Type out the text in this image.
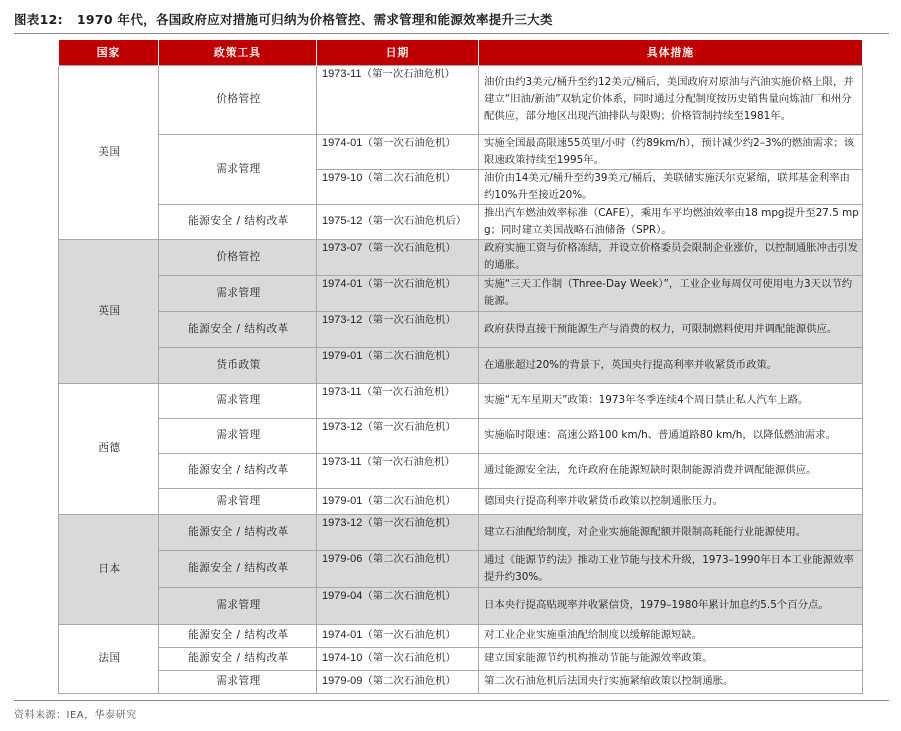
图表12: 1970 年代，各国政府应对措施可归纳为价格管控、需求管理和能源效率提升三大类
国家	政策工具	日期	具体措施
美国	价格管控	1973-11（第一次石油危机）	油价由约3美元/桶升至约12美元/桶后，美国政府对原油与汽油实施价格上限，并建立“旧油/新油”双轨定价体系，同时通过分配制度按历史销售量向炼油厂和州分配供应，部分地区出现汽油排队与限购；价格管制持续至1981年。
	需求管理	1974-01（第一次石油危机）	实施全国最高限速55英里/小时（约89km/h），预计减少约2–3%的燃油需求；该限速政策持续至1995年。
		1979-10（第二次石油危机）	油价由14美元/桶升至约39美元/桶后，美联储实施沃尔克紧缩，联邦基金利率由约10%升至接近20%。
	能源安全 / 结构改革	1975-12（第一次石油危机后）	推出汽车燃油效率标准（CAFE），乘用车平均燃油效率由18 mpg提升至27.5 mpg；同时建立美国战略石油储备（SPR）。
英国	价格管控	1973-07（第一次石油危机）	政府实施工资与价格冻结，并设立价格委员会限制企业涨价，以控制通胀冲击引发的通胀。
	需求管理	1974-01（第一次石油危机）	实施“三天工作制（Three-Day Week）”，工业企业每周仅可使用电力3天以节约能源。
	能源安全 / 结构改革	1973-12（第一次石油危机）	政府获得直接干预能源生产与消费的权力，可限制燃料使用并调配能源供应。
	货币政策	1979-01（第二次石油危机）	在通胀超过20%的背景下，英国央行提高利率并收紧货币政策。
西德	需求管理	1973-11（第一次石油危机）	实施“无车星期天”政策：1973年冬季连续4个周日禁止私人汽车上路。
	需求管理	1973-12（第一次石油危机）	实施临时限速：高速公路100 km/h、普通道路80 km/h，以降低燃油需求。
	能源安全 / 结构改革	1973-11（第一次石油危机）	通过能源安全法，允许政府在能源短缺时限制能源消费并调配能源供应。
	需求管理	1979-01（第二次石油危机）	德国央行提高利率并收紧货币政策以控制通胀压力。
日本	能源安全 / 结构改革	1973-12（第一次石油危机）	建立石油配给制度，对企业实施能源配额并限制高耗能行业能源使用。
	能源安全 / 结构改革	1979-06（第二次石油危机）	通过《能源节约法》推动工业节能与技术升级，1973–1990年日本工业能源效率提升约30%。
	需求管理	1979-04（第二次石油危机）	日本央行提高贴现率并收紧信贷，1979–1980年累计加息约5.5个百分点。
法国	能源安全 / 结构改革	1974-01（第一次石油危机）	对工业企业实施重油配给制度以缓解能源短缺。
	能源安全 / 结构改革	1974-10（第一次石油危机）	建立国家能源节约机构推动节能与能源效率政策。
	需求管理	1979-09（第二次石油危机）	第二次石油危机后法国央行实施紧缩政策以控制通胀。
资料来源：IEA，华泰研究
